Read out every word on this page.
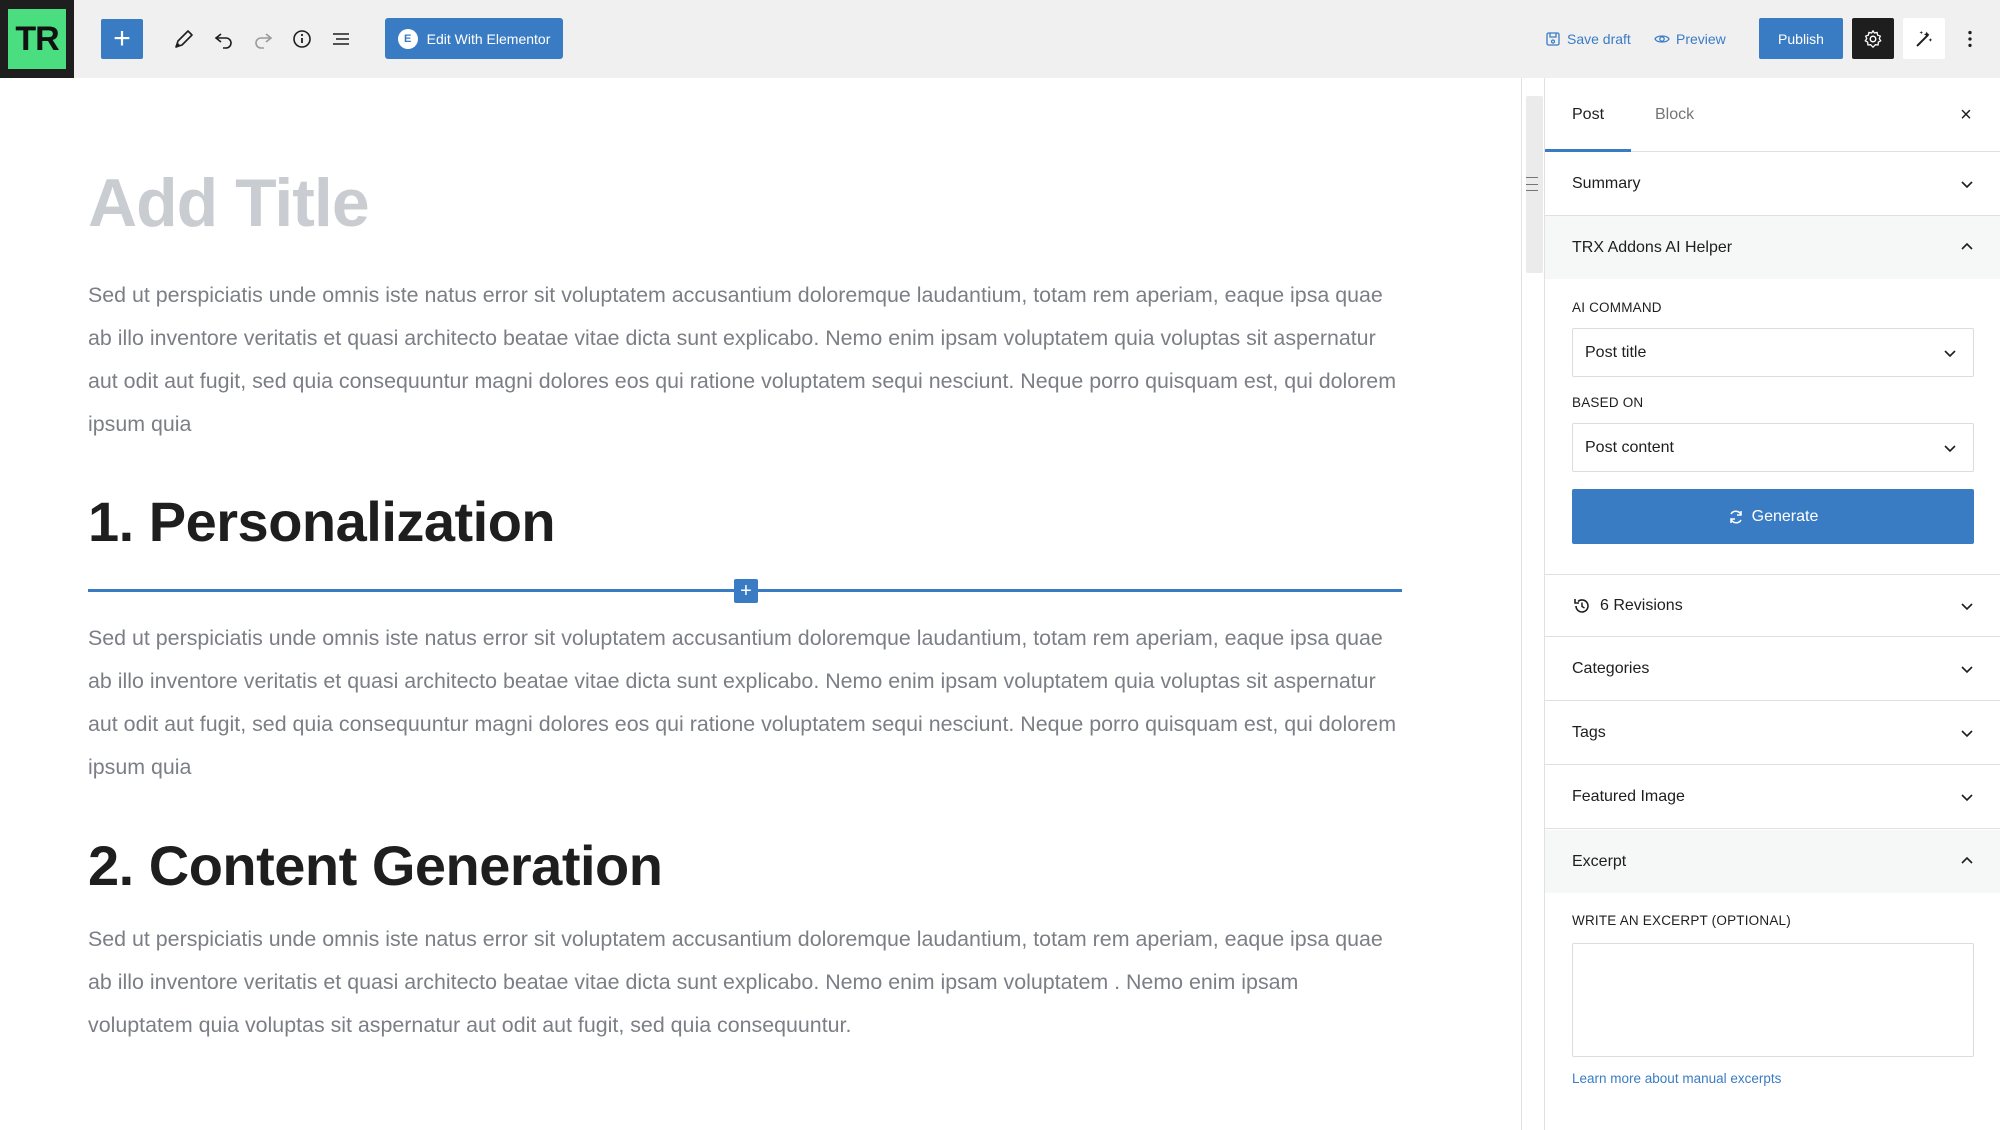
TR +	E	Edit With Elementor	Save draft	Preview	Publish
Add Title

Sed ut perspiciatis unde omnis iste natus error sit voluptatem accusantium doloremque laudantium, totam rem aperiam, eaque ipsa quae ab illo inventore veritatis et quasi architecto beatae vitae dicta sunt explicabo. Nemo enim ipsam voluptatem quia voluptas sit aspernatur aut odit aut fugit, sed quia consequuntur magni dolores eos qui ratione voluptatem sequi nesciunt. Neque porro quisquam est, qui dolorem ipsum quia

1. Personalization
+

Sed ut perspiciatis unde omnis iste natus error sit voluptatem accusantium doloremque laudantium, totam rem aperiam, eaque ipsa quae ab illo inventore veritatis et quasi architecto beatae vitae dicta sunt explicabo. Nemo enim ipsam voluptatem quia voluptas sit aspernatur aut odit aut fugit, sed quia consequuntur magni dolores eos qui ratione voluptatem sequi nesciunt. Neque porro quisquam est, qui dolorem ipsum quia

2. Content Generation

Sed ut perspiciatis unde omnis iste natus error sit voluptatem accusantium doloremque laudantium, totam rem aperiam, eaque ipsa quae ab illo inventore veritatis et quasi architecto beatae vitae dicta sunt explicabo. Nemo enim ipsam voluptatem . Nemo enim ipsam voluptatem quia voluptas sit aspernatur aut odit aut fugit, sed quia consequuntur.

Post	Block	×
Summary
TRX Addons AI Helper
AI COMMAND
Post title
BASED ON
Post content
Generate
6 Revisions
Categories
Tags
Featured Image
Excerpt
WRITE AN EXCERPT (OPTIONAL)
Learn more about manual excerpts
